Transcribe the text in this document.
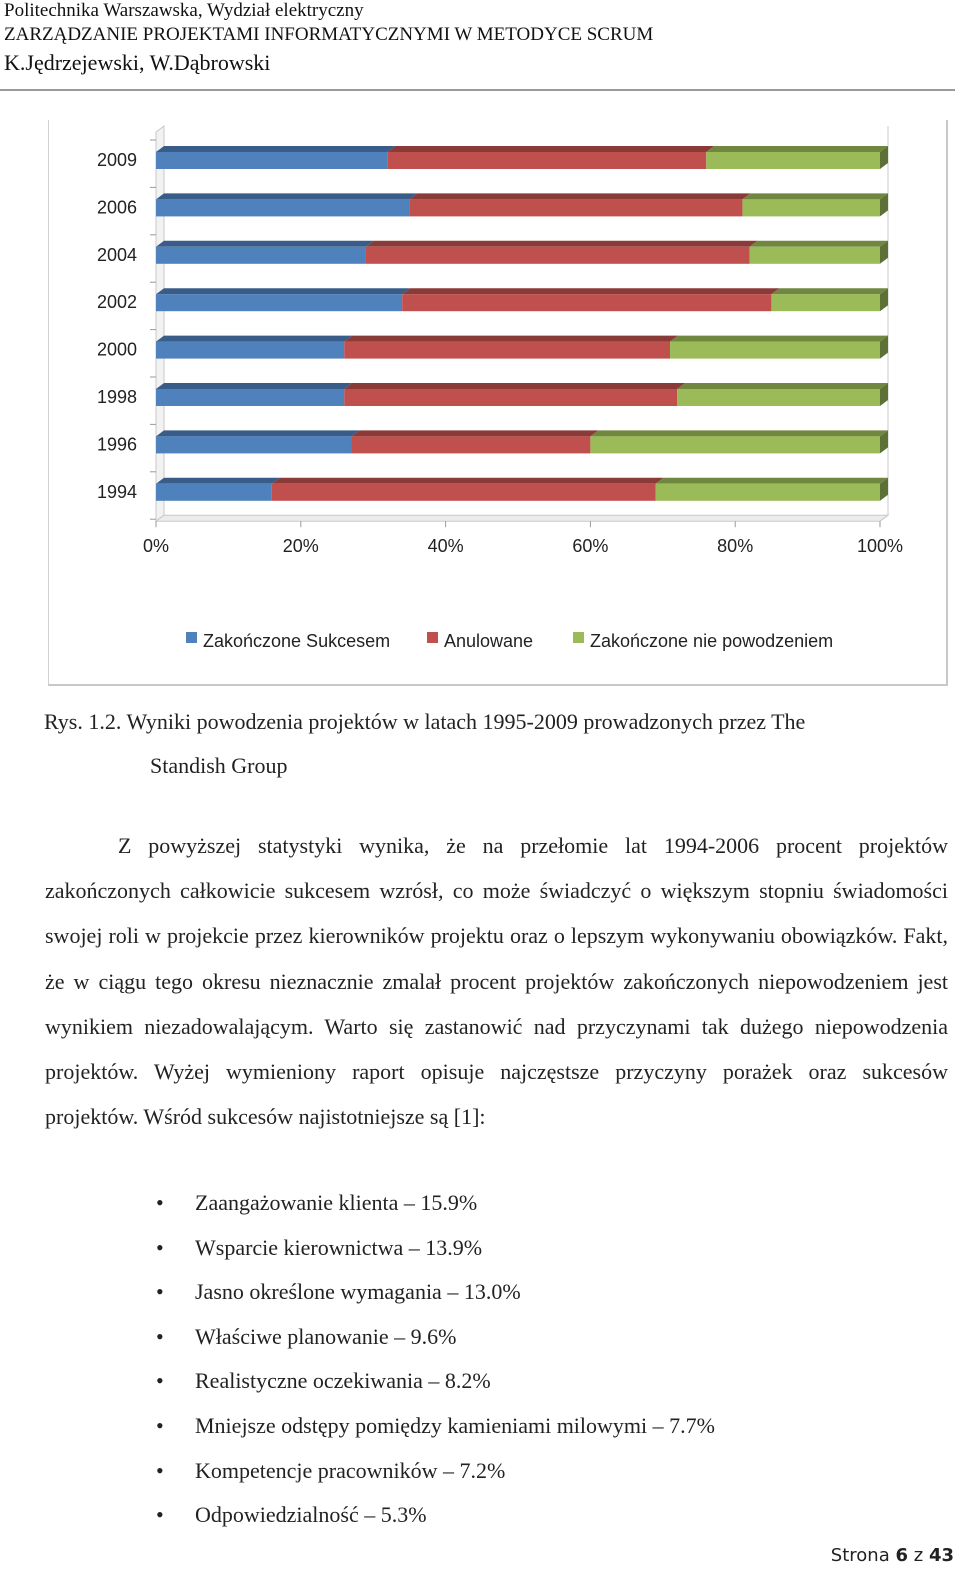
Politechnika Warszawska, Wydział elektryczny
ZARZĄDZANIE PROJEKTAMI INFORMATYCZNYMI W METODYCE SCRUM
K.Jędrzejewski, W.Dąbrowski
0%	20%	40%	60%	80%	100%
2009
2006
2004
2002
2000
1998
1996
1994
Zakończone Sukcesem	Anulowane	Zakończone nie powodzeniem
Rys. 1.2. Wyniki powodzenia projektów w latach 1995-2009 prowadzonych przez The
Standish Group

Z powyższej statystyki wynika, że na przełomie lat 1994-2006 procent projektów zakończonych całkowicie sukcesem wzrósł, co może świadczyć o większym stopniu świadomości swojej roli w projekcie przez kierowników projektu oraz o lepszym wykonywaniu obowiązków. Fakt, że w ciągu tego okresu nieznacznie zmalał procent projektów zakończonych niepowodzeniem jest wynikiem niezadowalającym. Warto się zastanowić nad przyczynami tak dużego niepowodzenia projektów. Wyżej wymieniony raport opisuje najczęstsze przyczyny porażek oraz sukcesów projektów. Wśród sukcesów najistotniejsze są [1]:

• Zaangażowanie klienta – 15.9%
• Wsparcie kierownictwa – 13.9%
• Jasno określone wymagania – 13.0%
• Właściwe planowanie – 9.6%
• Realistyczne oczekiwania – 8.2%
• Mniejsze odstępy pomiędzy kamieniami milowymi – 7.7%
• Kompetencje pracowników – 7.2%
• Odpowiedzialność – 5.3%
Strona 6 z 43
